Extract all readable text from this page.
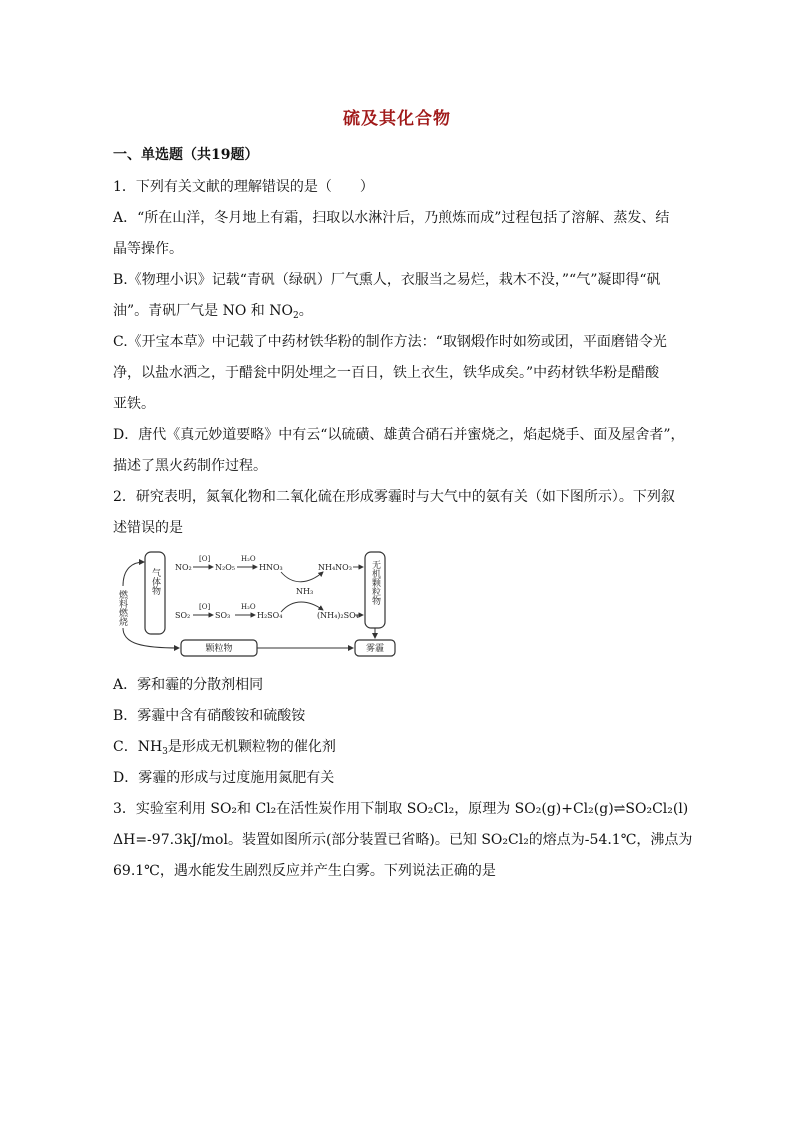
硫及其化合物
一、单选题（共19题）
1．下列有关文献的理解错误的是（　　）
A．“所在山洋，冬月地上有霜，扫取以水淋汁后，乃煎炼而成”过程包括了溶解、蒸发、结
晶等操作。
B.《物理小识》记载“青矾（绿矾）厂气熏人，衣服当之易烂，栽木不没，”“气”凝即得“矾
油”。青矾厂气是 NO 和 $NO_2$。
C.《开宝本草》中记载了中药材铁华粉的制作方法：“取钢煅作时如笏或团，平面磨错令光
净，以盐水洒之，于醋瓮中阴处埋之一百日，铁上衣生，铁华成矣。”中药材铁华粉是醋酸
亚铁。
D．唐代《真元妙道要略》中有云“以硫磺、雄黄合硝石并蜜烧之，焰起烧手、面及屋舍者”，
描述了黑火药制作过程。
2．研究表明，氮氧化物和二氧化硫在形成雾霾时与大气中的氨有关（如下图所示）。下列叙
述错误的是
气体物	无机颗粒物
燃料燃烧
颗粒物	雾霾
NO₂
[O]
N₂O₅
H₂O
HNO₃	NH₄NO₃
NH₃
SO₂
[O]
SO₃
H₂O
H₂SO₄	(NH₄)₂SO₄
A．雾和霾的分散剂相同
B．雾霾中含有硝酸铵和硫酸铵
C．$NH_3$是形成无机颗粒物的催化剂
D．雾霾的形成与过度施用氮肥有关
3．实验室利用 SO₂和 Cl₂在活性炭作用下制取 SO₂Cl₂，原理为 SO₂(g)+Cl₂(g)⇌SO₂Cl₂(l)
ΔH=-97.3kJ/mol。装置如图所示(部分装置已省略)。已知 SO₂Cl₂的熔点为-54.1℃，沸点为
69.1℃，遇水能发生剧烈反应并产生白雾。下列说法正确的是
